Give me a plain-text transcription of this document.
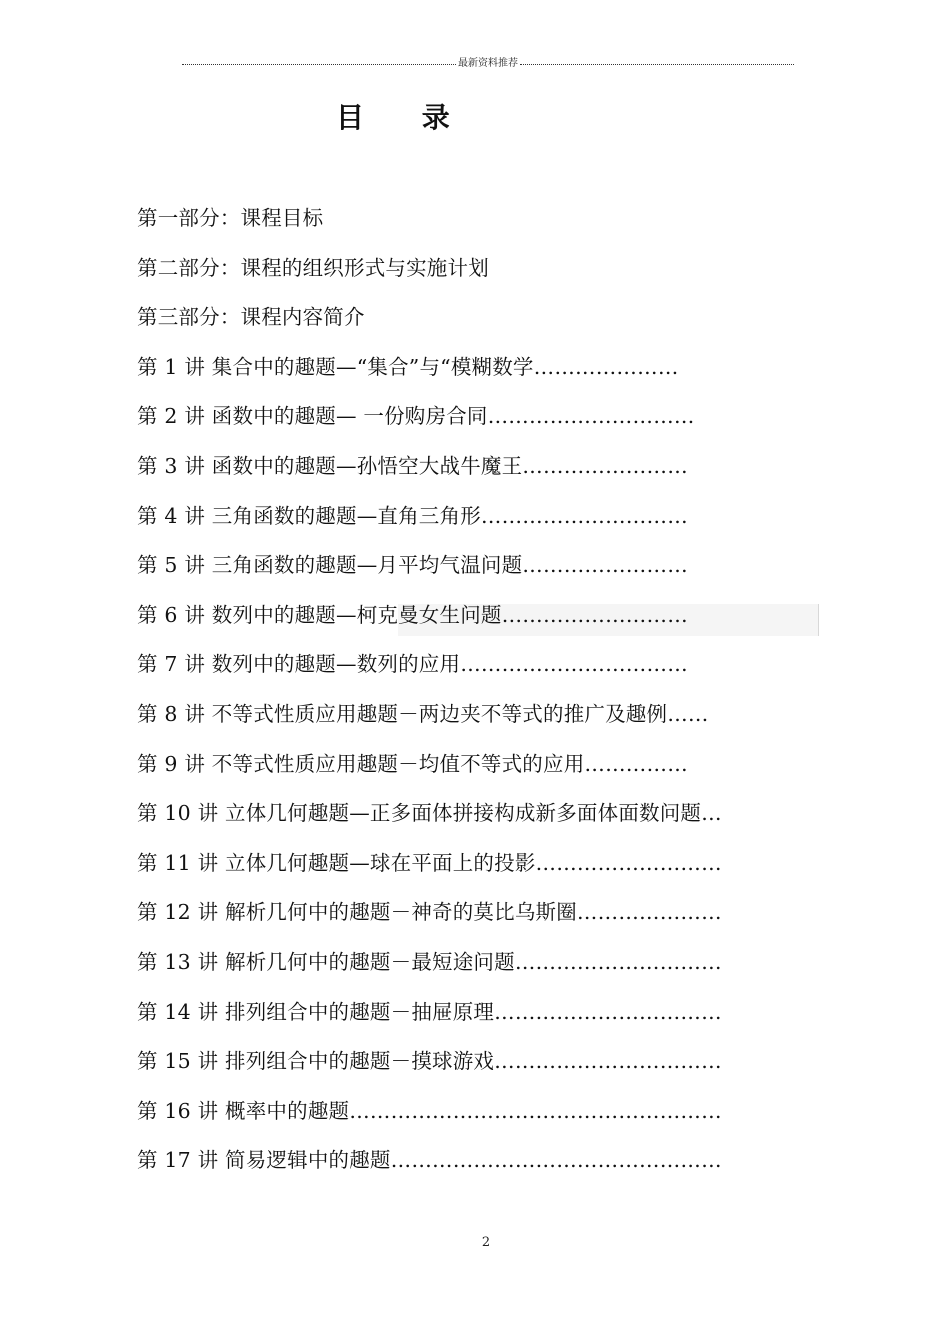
最新资料推荐
目 录
第一部分：课程目标
第二部分：课程的组织形式与实施计划
第三部分：课程内容简介
第 1 讲 集合中的趣题—“集合”与“模糊数学…………………
第 2 讲 函数中的趣题— 一份购房合同…………………………
第 3 讲 函数中的趣题—孙悟空大战牛魔王……………………
第 4 讲 三角函数的趣题—直角三角形…………………………
第 5 讲 三角函数的趣题—月平均气温问题……………………
第 6 讲 数列中的趣题—柯克曼女生问题………………………
第 7 讲 数列中的趣题—数列的应用……………………………
第 8 讲 不等式性质应用趣题－两边夹不等式的推广及趣例……
第 9 讲 不等式性质应用趣题－均值不等式的应用……………
第 10 讲 立体几何趣题—正多面体拼接构成新多面体面数问题…
第 11 讲 立体几何趣题—球在平面上的投影………………………
第 12 讲 解析几何中的趣题－神奇的莫比乌斯圈…………………
第 13 讲 解析几何中的趣题－最短途问题…………………………
第 14 讲 排列组合中的趣题－抽屉原理……………………………
第 15 讲 排列组合中的趣题－摸球游戏……………………………
第 16 讲 概率中的趣题………………………………………………
第 17 讲 简易逻辑中的趣题…………………………………………
2
